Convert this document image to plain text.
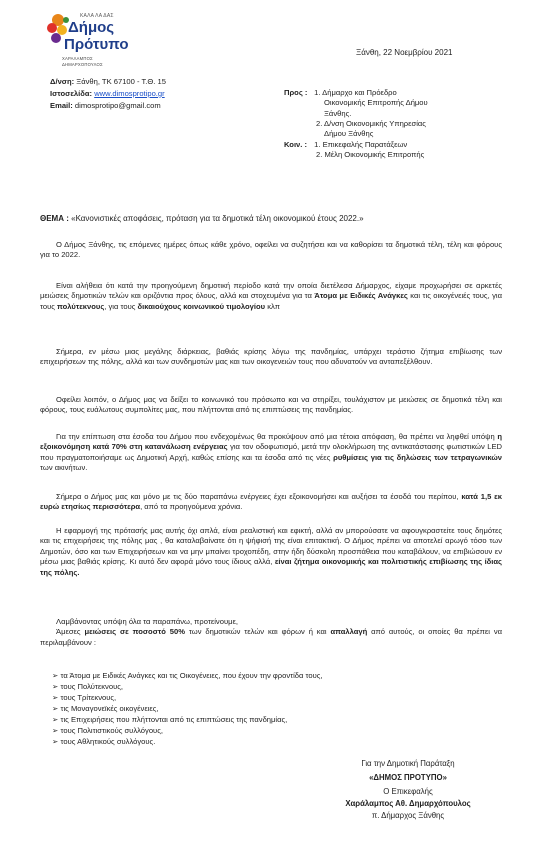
ΚΑΛΑ ΛΑ ΔΑΣ
Δήμος
Πρότυπο
ΧΑΡΑΛΑΜΠΟΣ ΔΗΜΑΡΧΟΠΟΥΛΟΣ
Ξάνθη, 22 Νοεμβρίου 2021
Δ/νση: Ξάνθη, ΤΚ 67100 - Τ.Θ. 15
Ιστοσελίδα: www.dimosprotipo.gr
Email: dimosprotipo@gmail.com
Προς : 1. Δήμαρχο και Πρόεδρο
Οικονομικής Επιτροπής Δήμου
Ξάνθης.
2. Δ/νση Οικονομικής Υπηρεσίας
Δήμου Ξάνθης
Κοιν. : 1. Επικεφαλής Παρατάξεων
2. Μέλη Οικονομικής Επιτροπής
ΘΕΜΑ : «Κανονιστικές αποφάσεις, πρόταση για τα δημοτικά τέλη οικονομικού έτους 2022.»
Ο Δήμος Ξάνθης, τις επόμενες ημέρες όπως κάθε χρόνο, οφείλει να συζητήσει και να καθορίσει τα δημοτικά τέλη, τέλη και φόρους για το 2022.
Είναι αλήθεια ότι κατά την προηγούμενη δημοτική περίοδο κατά την οποία διετέλεσα Δήμαρχος, είχαμε προχωρήσει σε αρκετές μειώσεις δημοτικών τελών και οριζόντια προς όλους, αλλά και στοχευμένα για τα Άτομα με Ειδικές Ανάγκες και τις οικογένειές τους, για τους πολύτεκνους, για τους δικαιούχους κοινωνικού τιμολογίου κλπ
Σήμερα, εν μέσω μιας μεγάλης διάρκειας, βαθιάς κρίσης λόγω της πανδημίας, υπάρχει τεράστιο ζήτημα επιβίωσης των επιχειρήσεων της πόλης, αλλά και των συνδημοτών μας και των οικογενειών τους που αδυνατούν να ανταπεξέλθουν.
Οφείλει λοιπόν, ο Δήμος μας να δείξει το κοινωνικό του πρόσωπο και να στηρίξει, τουλάχιστον με μειώσεις σε δημοτικά τέλη και φόρους, τους ευάλωτους συμπολίτες μας, που πλήττονται από τις επιπτώσεις της πανδημίας.
Για την επίπτωση στα έσοδα του Δήμου που ενδεχομένως θα προκύψουν από μια τέτοια απόφαση, θα πρέπει να ληφθεί υπόψη η εξοικονόμηση κατά 70% στη κατανάλωση ενέργειας για τον οδοφωτισμό, μετά την ολοκλήρωση της αντικατάστασης φωτιστικών LED που πραγματοποιήσαμε ως Δημοτική Αρχή, καθώς επίσης και τα έσοδα από τις νέες ρυθμίσεις για τις δηλώσεις των τετραγωνικών των ακινήτων.
Σήμερα ο Δήμος μας και μόνο με τις δύο παραπάνω ενέργειες έχει εξοικονομήσει και αυξήσει τα έσοδά του περίπου, κατά 1,5 εκ ευρώ ετησίως περισσότερα, από τα προηγούμενα χρόνια.
Η εφαρμογή της πρότασής μας αυτής όχι απλά, είναι ρεαλιστική και εφικτή, αλλά αν μπορούσατε να αφουγκραστείτε τους δημότες και τις επιχειρήσεις της πόλης μας , θα καταλαβαίνατε ότι η ψήφισή της είναι επιτακτική. Ο Δήμος πρέπει να αποτελεί αρωγό τόσο των Δημοτών, όσο και των Επιχειρήσεων και να μην μπαίνει τροχοπέδη, στην ήδη δύσκολη προσπάθεια που καταβάλουν, να επιβιώσουν εν μέσω μιας βαθιάς κρίσης. Κι αυτό δεν αφορά μόνο τους ίδιους αλλά, είναι ζήτημα οικονομικής και πολιτιστικής επιβίωσης της ίδιας της πόλης.
Λαμβάνοντας υπόψη όλα τα παραπάνω, προτείνουμε,
Άμεσες μειώσεις σε ποσοστό 50% των δημοτικών τελών και φόρων ή και απαλλαγή από αυτούς, οι οποίες θα πρέπει να περιλαμβάνουν :
➢ τα Άτομα με Ειδικές Ανάγκες και τις Οικογένειες, που έχουν την φροντίδα τους,
➢ τους Πολύτεκνους,
➢ τους Τρίτεκνους,
➢ τις Μοναγονεϊκές οικογένειες,
➢ τις Επιχειρήσεις που πλήττονται από τις επιπτώσεις της πανδημίας,
➢ τους Πολιτιστικούς συλλόγους,
➢ τους Αθλητικούς συλλόγους.
Για την Δημοτική Παράταξη
«ΔΗΜΟΣ ΠΡΟΤΥΠΟ»
Ο Επικεφαλής
Χαράλαμπος Αθ. Δημαρχόπουλος
π. Δήμαρχος Ξάνθης
